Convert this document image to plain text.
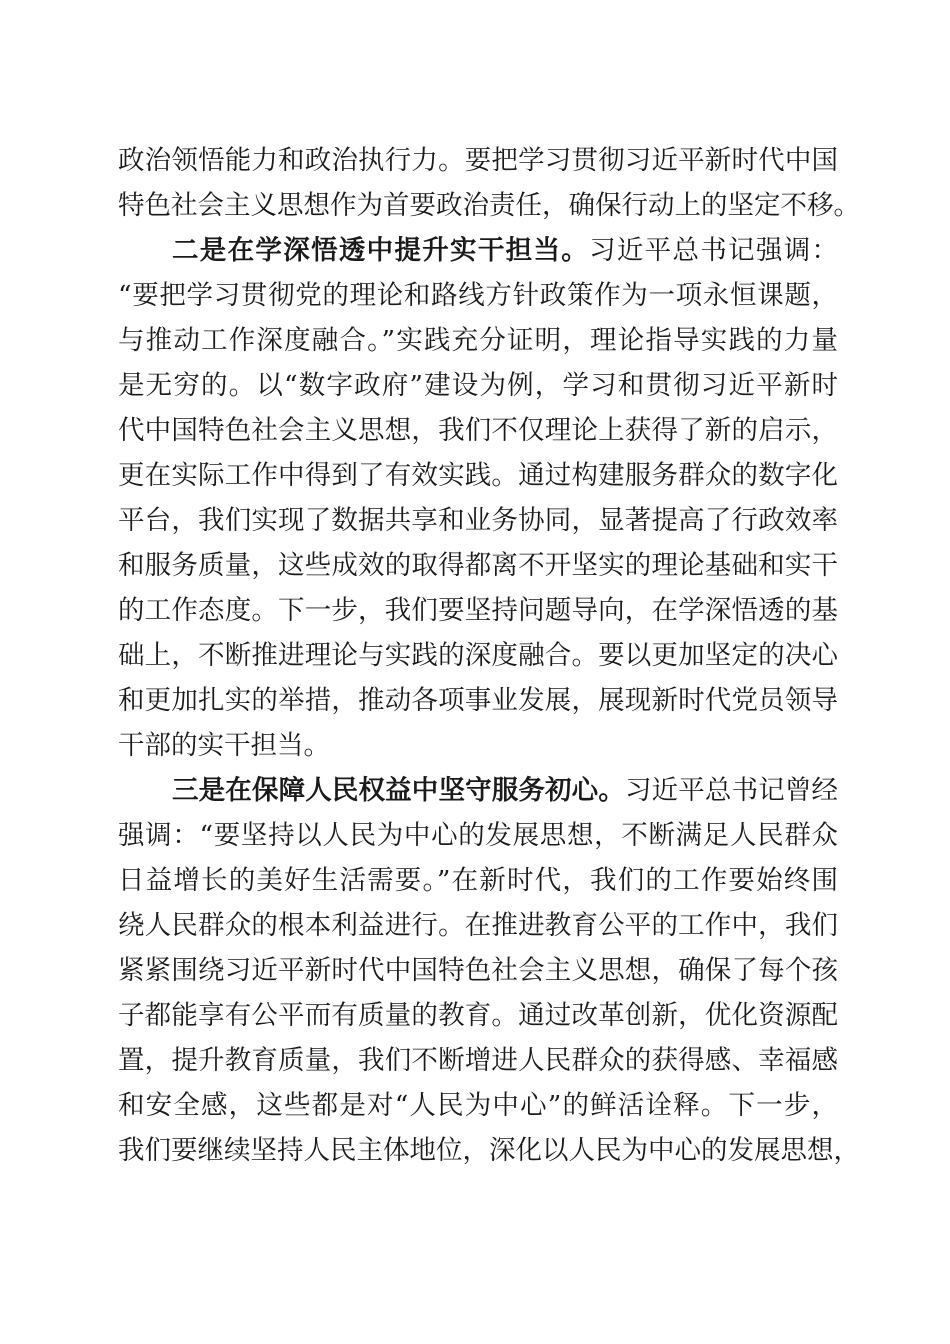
政治领悟能力和政治执行力。要把学习贯彻习近平新时代中国
特色社会主义思想作为首要政治责任，确保行动上的坚定不移。
二是在学深悟透中提升实干担当。习近平总书记强调：
“要把学习贯彻党的理论和路线方针政策作为一项永恒课题，
与推动工作深度融合。”实践充分证明，理论指导实践的力量
是无穷的。以“数字政府”建设为例，学习和贯彻习近平新时
代中国特色社会主义思想，我们不仅理论上获得了新的启示，
更在实际工作中得到了有效实践。通过构建服务群众的数字化
平台，我们实现了数据共享和业务协同，显著提高了行政效率
和服务质量，这些成效的取得都离不开坚实的理论基础和实干
的工作态度。下一步，我们要坚持问题导向，在学深悟透的基
础上，不断推进理论与实践的深度融合。要以更加坚定的决心
和更加扎实的举措，推动各项事业发展，展现新时代党员领导
干部的实干担当。
三是在保障人民权益中坚守服务初心。习近平总书记曾经
强调：“要坚持以人民为中心的发展思想，不断满足人民群众
日益增长的美好生活需要。”在新时代，我们的工作要始终围
绕人民群众的根本利益进行。在推进教育公平的工作中，我们
紧紧围绕习近平新时代中国特色社会主义思想，确保了每个孩
子都能享有公平而有质量的教育。通过改革创新，优化资源配
置，提升教育质量，我们不断增进人民群众的获得感、幸福感
和安全感，这些都是对“人民为中心”的鲜活诠释。下一步，
我们要继续坚持人民主体地位，深化以人民为中心的发展思想，
